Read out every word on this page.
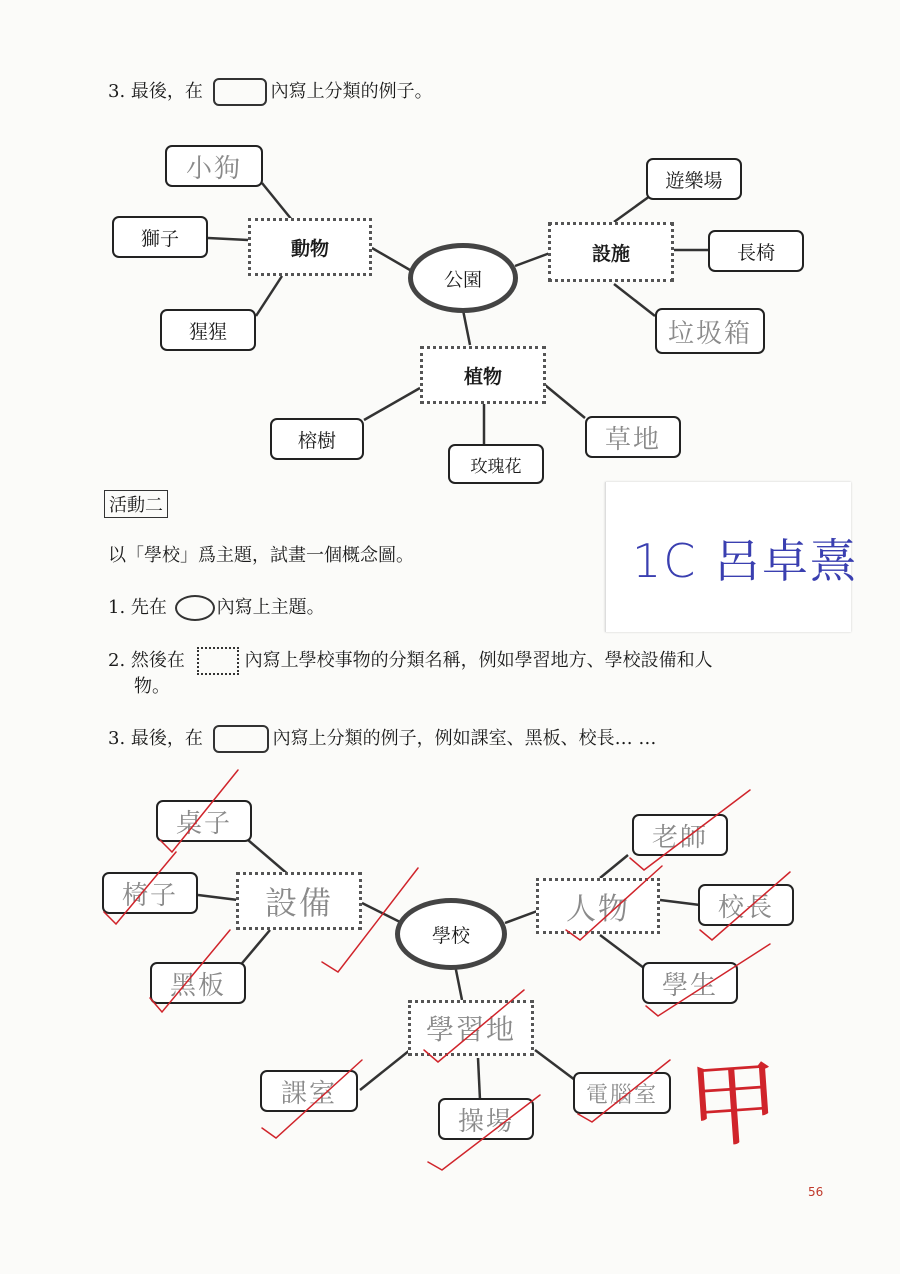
3. 最後，在	內寫上分類的例子。
公園
動物	設施
植物
小狗
獅子
猩猩
遊樂場
長椅
垃圾箱
榕樹
玫瑰花
草地
活動二
1C 呂卓熹
以「學校」爲主題，試畫一個概念圖。
1. 先在	內寫上主題。
2. 然後在	內寫上學校事物的分類名稱，例如學習地方、學校設備和人
物。
3. 最後，在	內寫上分類的例子，例如課室、黑板、校長… …
學校
設備	人物
學習地
桌子
椅子
黑板
老師
校長
學生
課室
操場
電腦室 甲
56
